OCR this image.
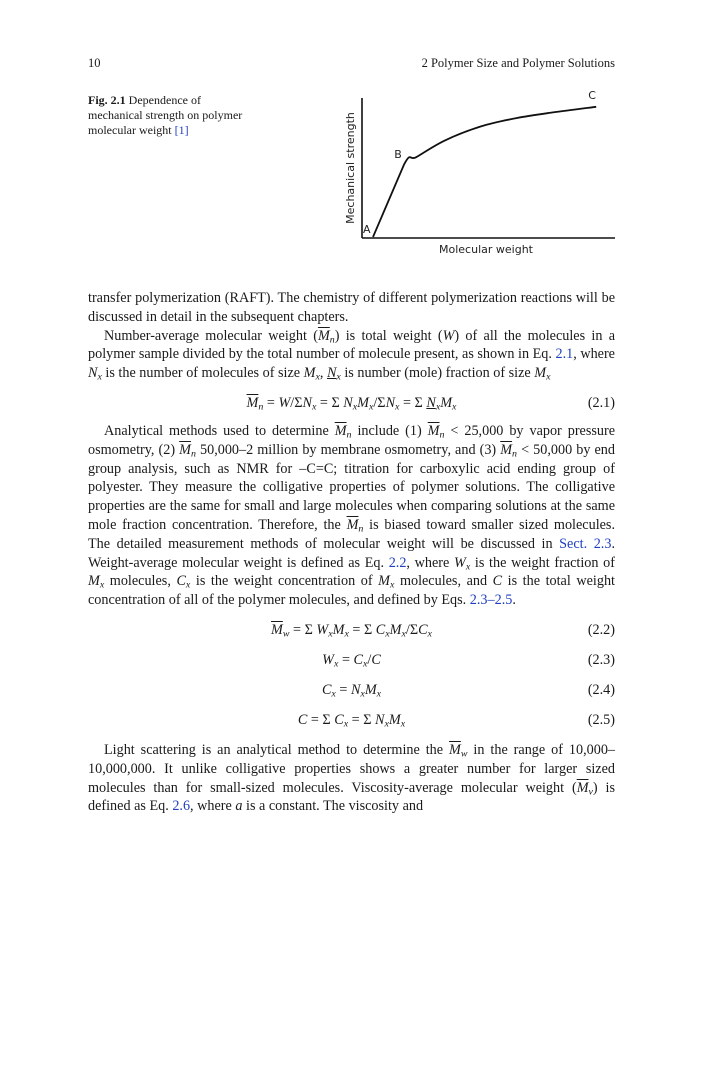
10	2 Polymer Size and Polymer Solutions
Fig. 2.1 Dependence of mechanical strength on polymer molecular weight [1]	Mechanical strength
Molecular weight
A
B
C

transfer polymerization (RAFT). The chemistry of different polymerization reactions will be discussed in detail in the subsequent chapters.

Number-average molecular weight $(\overline{M}_n)$ is total weight (W) of all the molecules in a polymer sample divided by the total number of molecule present, as shown in Eq. 2.1, where $N_x$ is the number of molecules of size $M_x$, $N_x$ is number (mole) fraction of size $M_x$

$\overline{M}_n = W/\Sigma N_x = \Sigma$ $N_xM_x/\Sigma N_x = \Sigma$ $N_xM_x$	(2.1)

Analytical methods used to determine $\overline{M}_n$ include (1) $\overline{M}_n < 25,000$ by vapor pressure osmometry, (2) $\overline{M}_n$ 50,000–2 million by membrane osmometry, and (3) $\overline{M}_n < 50,000$ by end group analysis, such as NMR for –C=C; titration for carboxylic acid ending group of polyester. They measure the colligative properties of polymer solutions. The colligative properties are the same for small and large molecules when comparing solutions at the same mole fraction concentration. Therefore, the $\overline{M}_n$ is biased toward smaller sized molecules. The detailed measurement methods of molecular weight will be discussed in Sect. 2.3. Weight-average molecular weight is defined as Eq. 2.2, where $W_x$ is the weight fraction of $M_x$ molecules, $C_x$ is the weight concentration of $M_x$ molecules, and C is the total weight concentration of all of the polymer molecules, and defined by Eqs. 2.3–2.5.

$\overline{M}_w = \Sigma$ $W_xM_x = \Sigma$ $C_xM_x/\Sigma C_x$	(2.2)
$W_x = C_x/C$	(2.3)
$C_x = N_xM_x$	(2.4)
C = Σ $C_x = \Sigma$ $N_xM_x$	(2.5)

Light scattering is an analytical method to determine the $\overline{M}_w$ in the range of 10,000–10,000,000. It unlike colligative properties shows a greater number for larger sized molecules than for small-sized molecules. Viscosity-average molecular weight $(\overline{M}_v)$ is defined as Eq. 2.6, where a is a constant. The viscosity and
